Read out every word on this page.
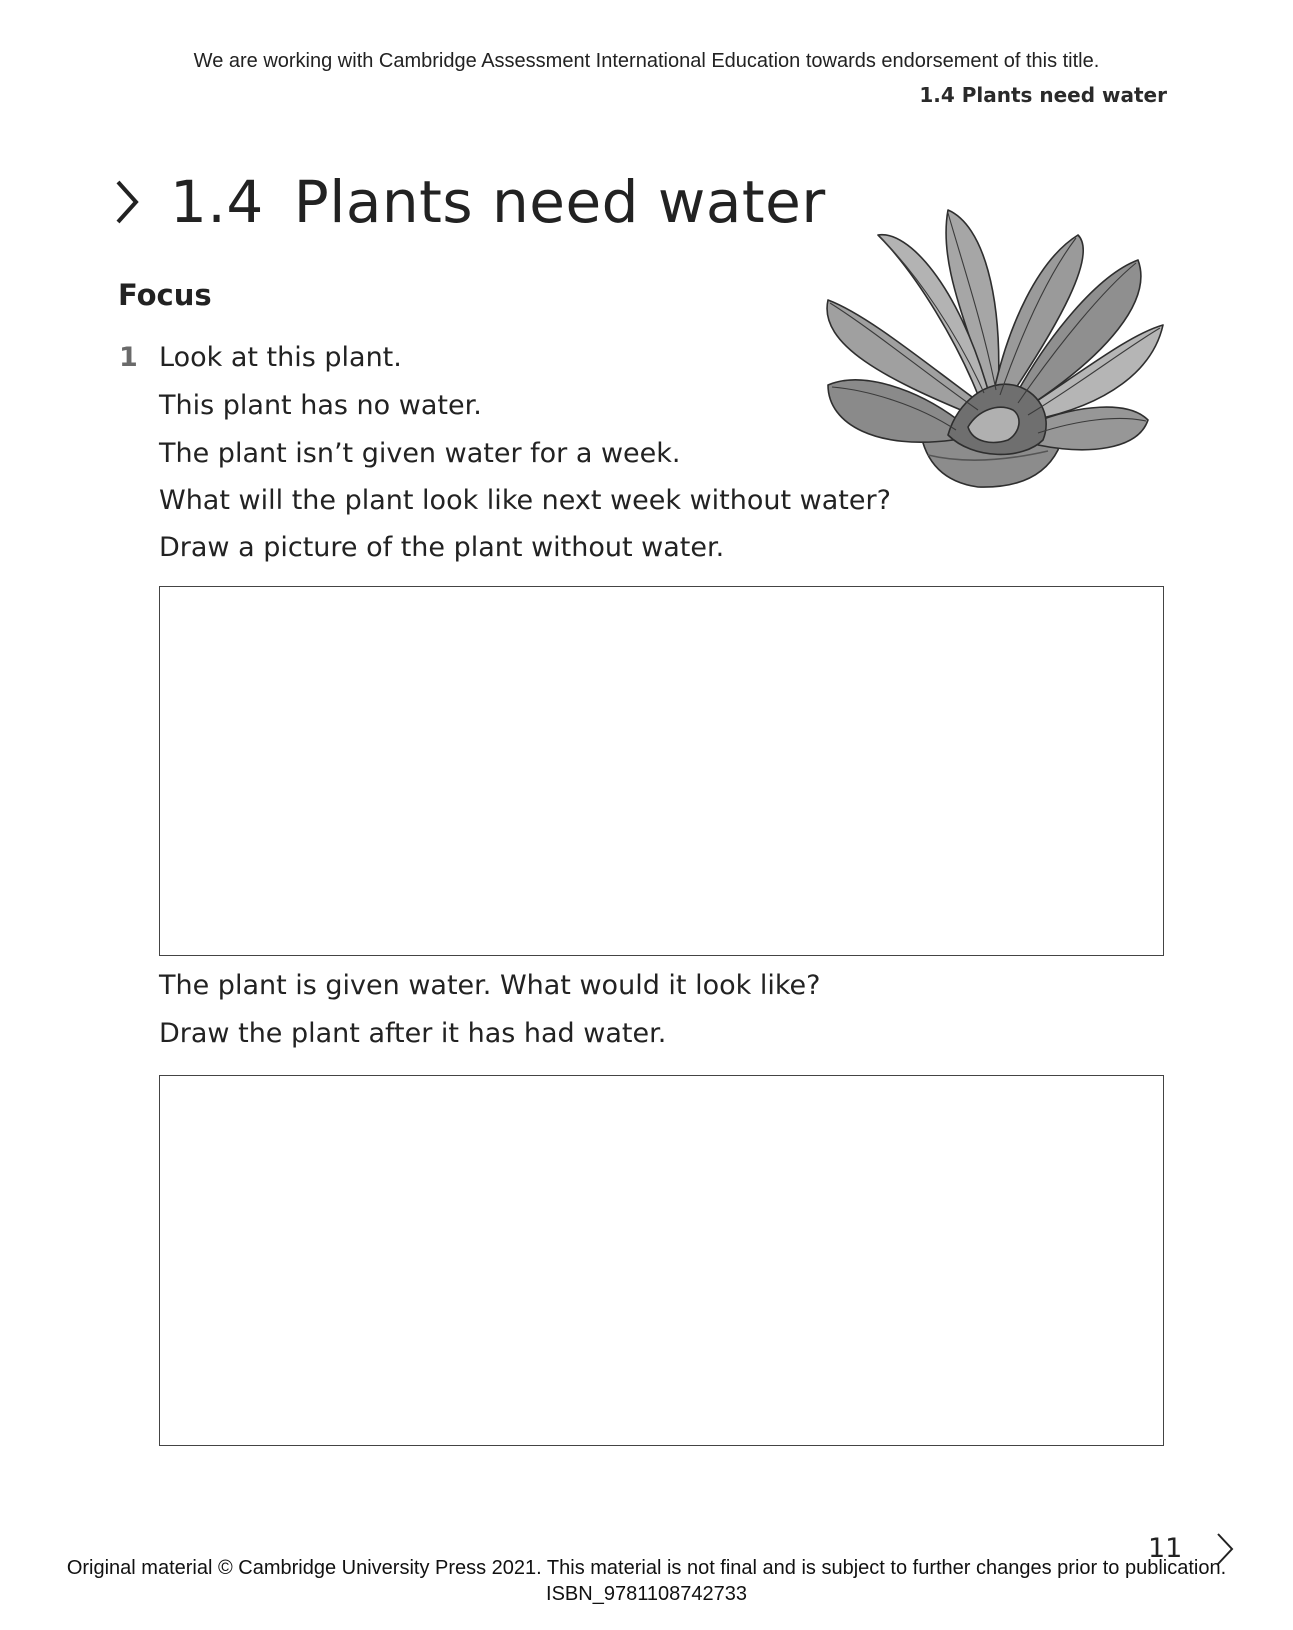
We are working with Cambridge Assessment International Education towards endorsement of this title.
1.4 Plants need water
1.4 Plants need water
Focus
1 Look at this plant.
This plant has no water.
The plant isn’t given water for a week.
What will the plant look like next week without water?
Draw a picture of the plant without water.
The plant is given water. What would it look like?
Draw the plant after it has had water.
11
Original material © Cambridge University Press 2021. This material is not final and is subject to further changes prior to publication.
ISBN_9781108742733
